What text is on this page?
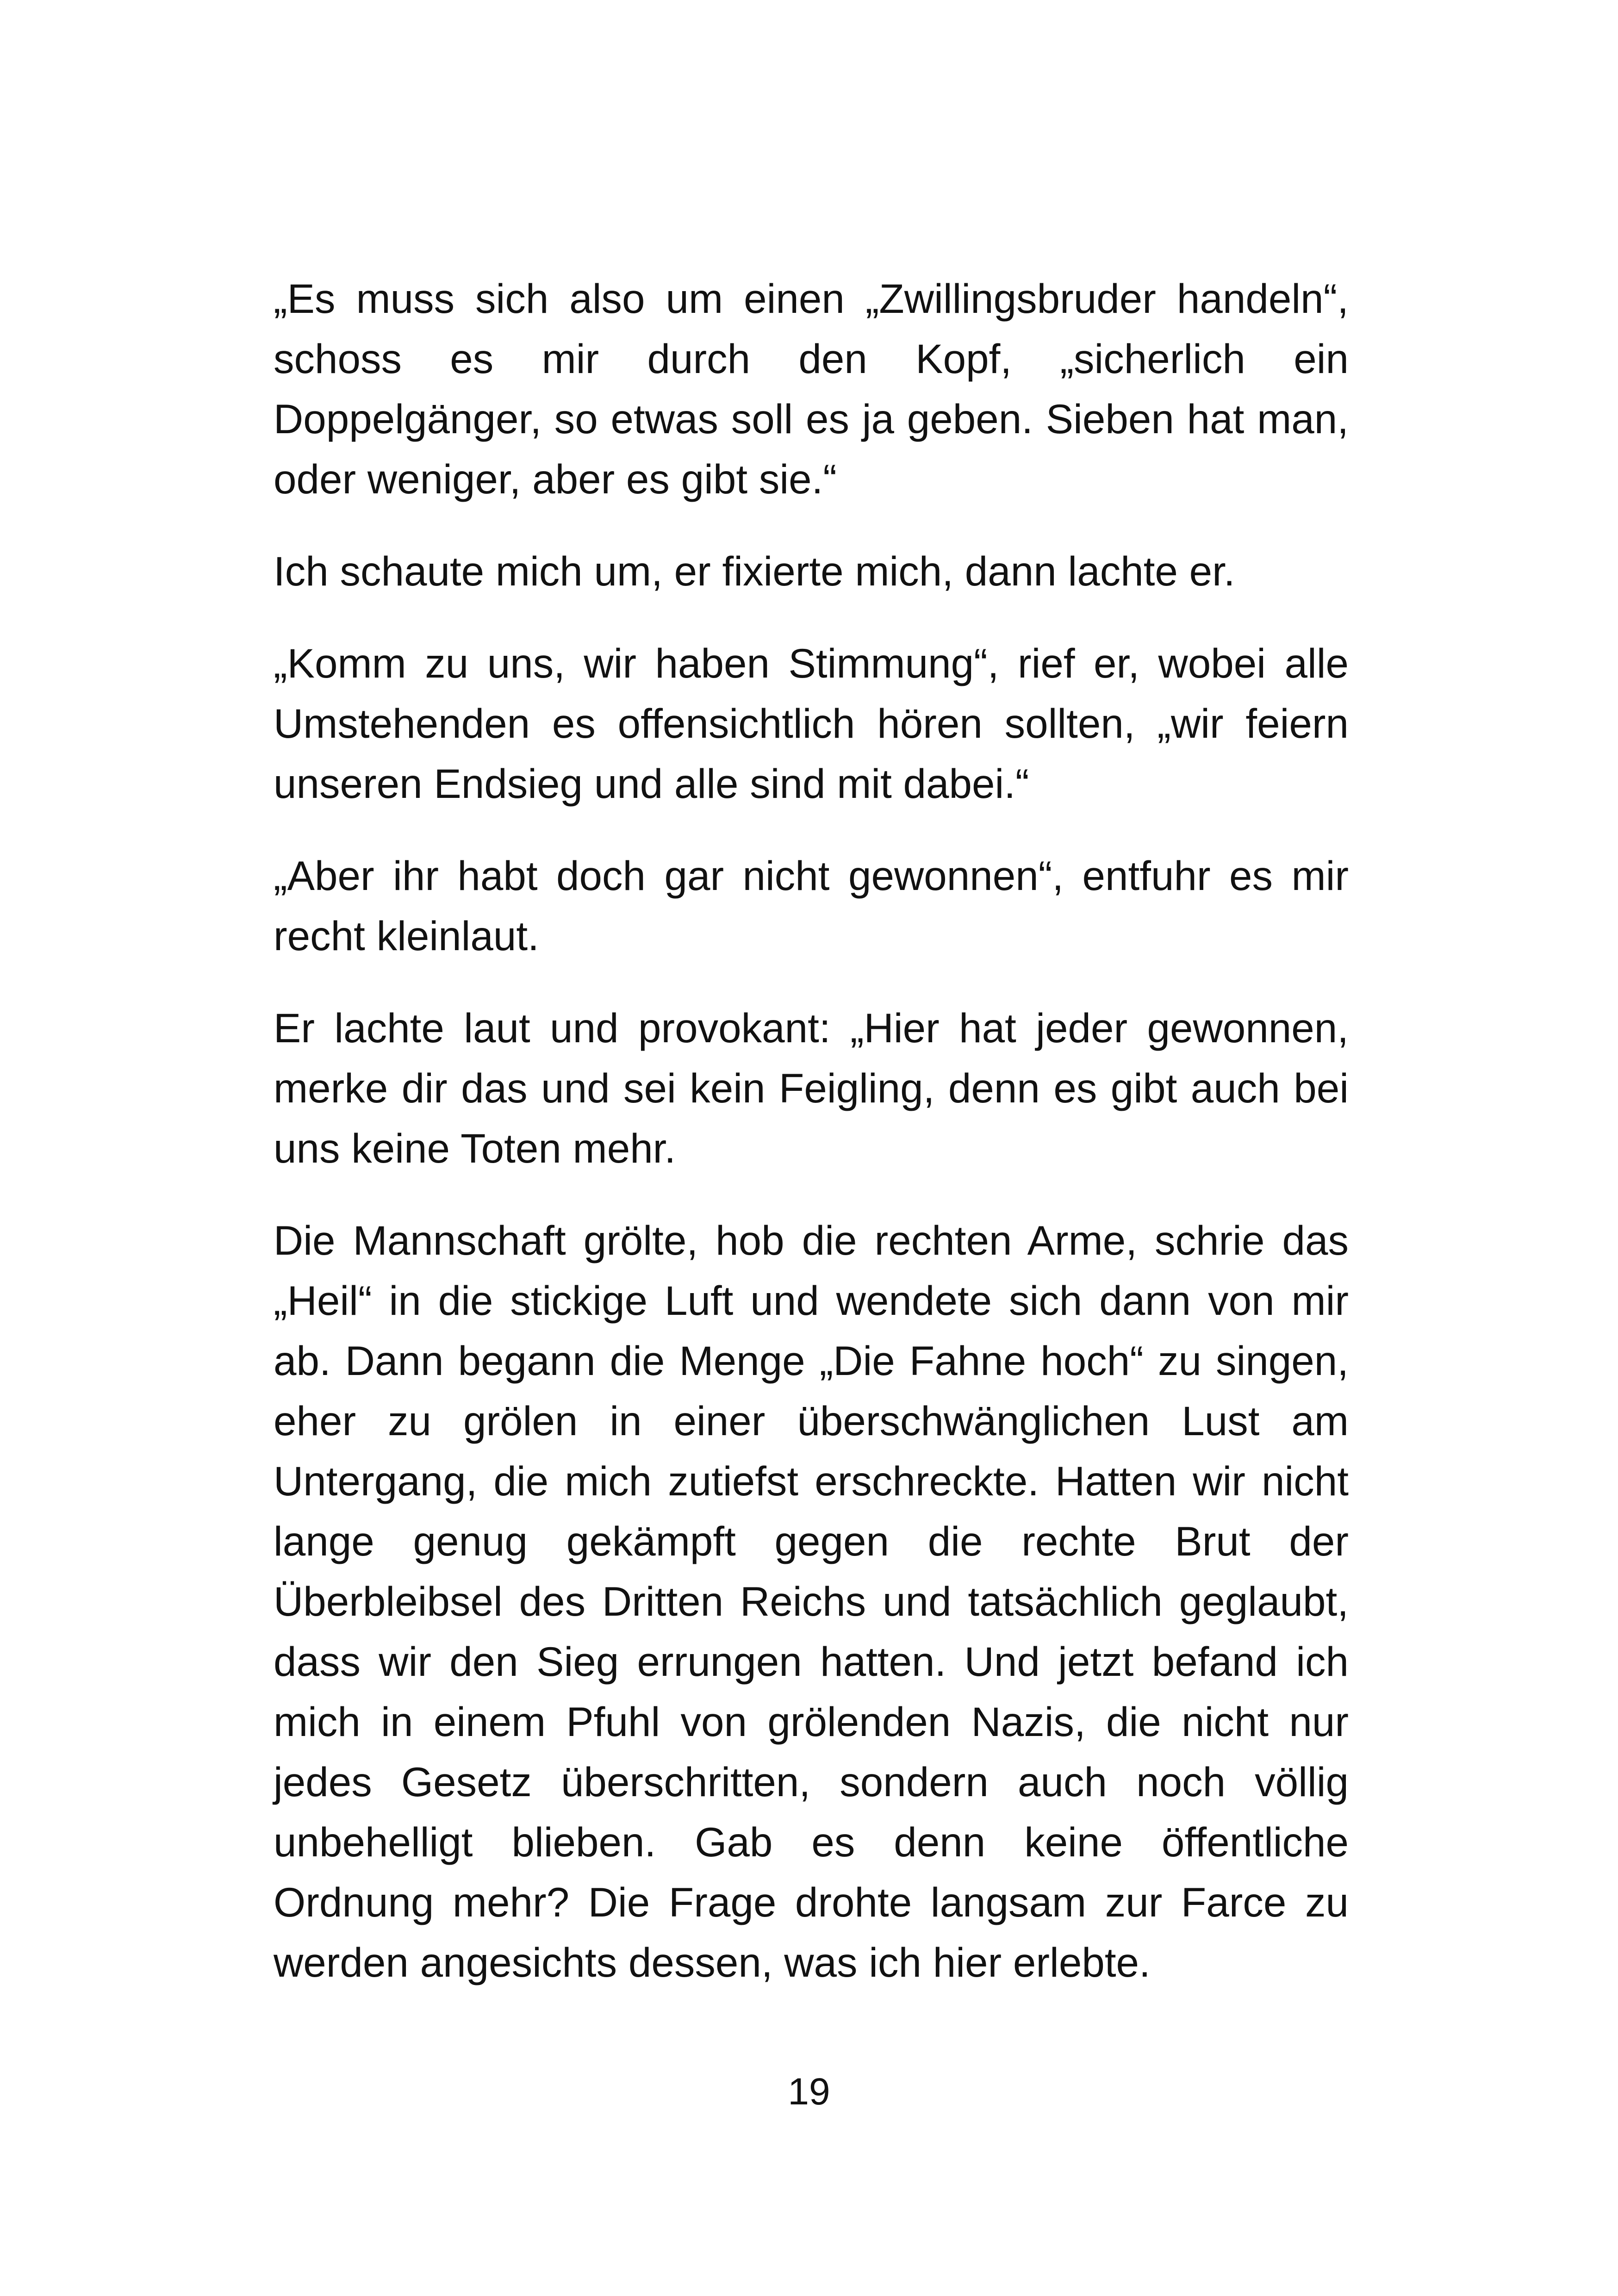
„Es muss sich also um einen „Zwillingsbruder handeln“, schoss es mir durch den Kopf, „sicherlich ein Doppelgänger, so etwas soll es ja geben. Sieben hat man, oder weniger, aber es gibt sie.“

Ich schaute mich um, er fixierte mich, dann lachte er.

„Komm zu uns, wir haben Stimmung“, rief er, wobei alle Umstehenden es offensichtlich hören sollten, „wir feiern unseren Endsieg und alle sind mit dabei.“

„Aber ihr habt doch gar nicht gewonnen“, entfuhr es mir recht kleinlaut.

Er lachte laut und provokant: „Hier hat jeder gewonnen, merke dir das und sei kein Feigling, denn es gibt auch bei uns keine Toten mehr.

Die Mannschaft grölte, hob die rechten Arme, schrie das „Heil“ in die stickige Luft und wendete sich dann von mir ab. Dann begann die Menge „Die Fahne hoch“ zu singen, eher zu grölen in einer überschwänglichen Lust am Untergang, die mich zutiefst erschreckte. Hatten wir nicht lange genug gekämpft gegen die rechte Brut der Überbleibsel des Dritten Reichs und tatsächlich geglaubt, dass wir den Sieg errungen hatten. Und jetzt befand ich mich in einem Pfuhl von grölenden Nazis, die nicht nur jedes Gesetz überschritten, sondern auch noch völlig unbehelligt blieben. Gab es denn keine öffentliche Ordnung mehr? Die Frage drohte langsam zur Farce zu werden angesichts dessen, was ich hier erlebte.

19
